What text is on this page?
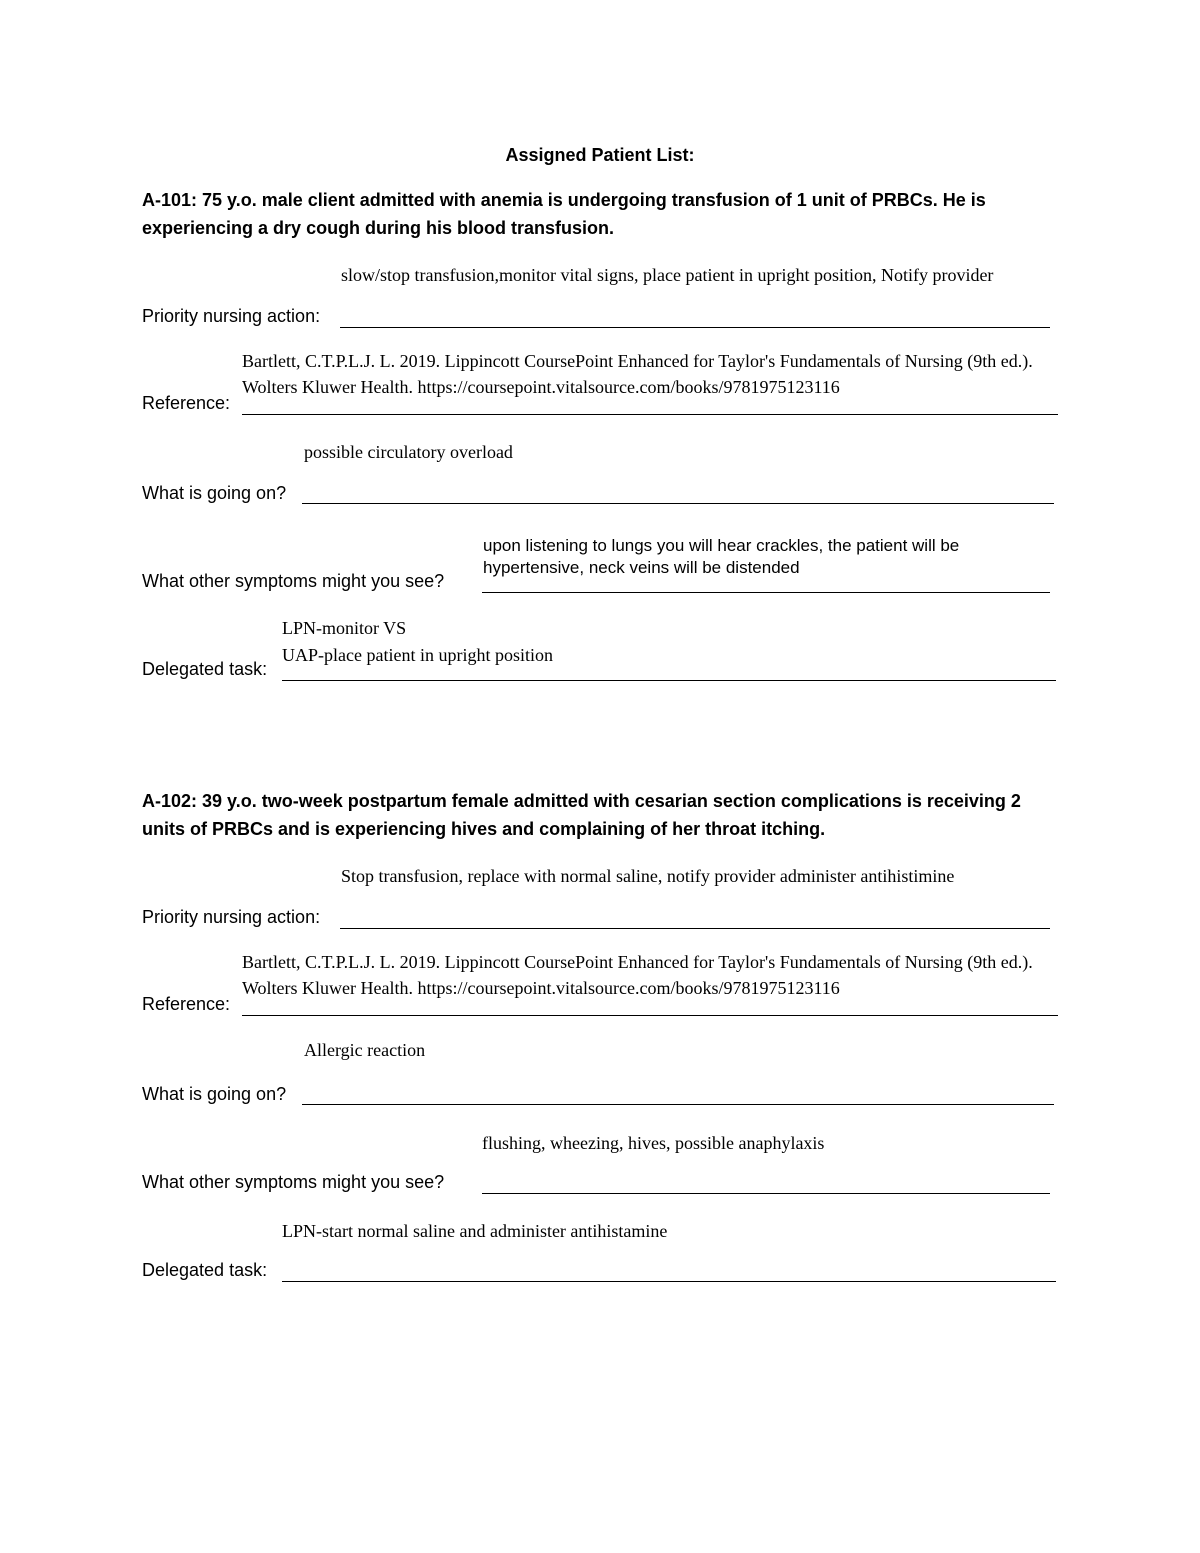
Assigned Patient List:
A-101: 75 y.o. male client admitted with anemia is undergoing transfusion of 1 unit of PRBCs. He is experiencing a dry cough during his blood transfusion.
slow/stop transfusion,monitor vital signs, place patient in upright position, Notify provider
Priority nursing action:
Bartlett, C.T.P.L.J. L. 2019. Lippincott CoursePoint Enhanced for Taylor's Fundamentals of Nursing (9th ed.). Wolters Kluwer Health. https://coursepoint.vitalsource.com/books/9781975123116
Reference:
possible circulatory overload
What is going on?
upon listening to lungs you will hear crackles, the patient will be hypertensive, neck veins will be distended
What other symptoms might you see?
LPN-monitor VS
UAP-place patient in upright position
Delegated task:
A-102: 39 y.o. two-week postpartum female admitted with cesarian section complications is receiving 2 units of PRBCs and is experiencing hives and complaining of her throat itching.
Stop transfusion, replace with normal saline, notify provider administer antihistimine
Priority nursing action:
Bartlett, C.T.P.L.J. L. 2019. Lippincott CoursePoint Enhanced for Taylor's Fundamentals of Nursing (9th ed.). Wolters Kluwer Health. https://coursepoint.vitalsource.com/books/9781975123116
Reference:
Allergic reaction
What is going on?
flushing, wheezing, hives, possible anaphylaxis
What other symptoms might you see?
LPN-start normal saline and administer antihistamine
Delegated task:
